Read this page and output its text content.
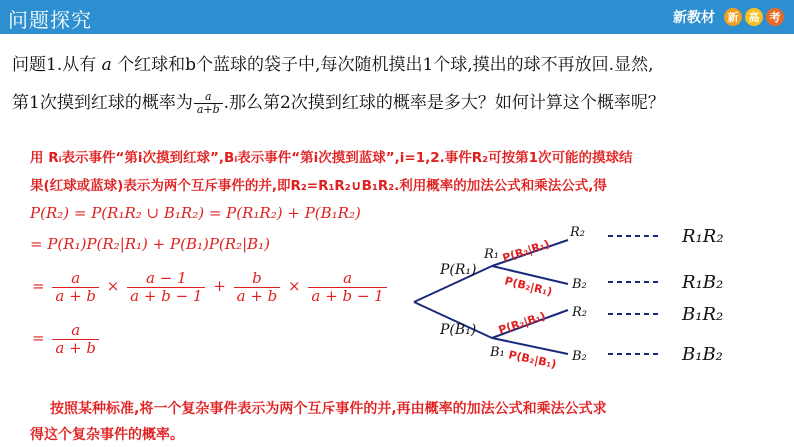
问题探究	新教材	新 高 考
问题1.从有 a 个红球和b个蓝球的袋子中,每次随机摸出1个球,摸出的球不再放回.显然,
第1次摸到红球的概率为 $\frac{a}{a+b}$ .那么第2次摸到红球的概率是多大？如何计算这个概率呢？
用 Rᵢ表示事件“第i次摸到红球”,Bᵢ表示事件“第i次摸到蓝球”,i=1,2.事件R₂可按第1次可能的摸球结
果(红球或蓝球)表示为两个互斥事件的并,即R₂=R₁R₂∪B₁R₂.利用概率的加法公式和乘法公式,得
P(R₂) = P(R₁R₂ ∪ B₁R₂) = P(R₁R₂) + P(B₁R₂)
= P(R₁)P(R₂|R₁) + P(B₁)P(R₂|B₁)
= $\frac{a}{a + b} \times \frac{a - 1}{a + b - 1} + \frac{b}{a + b} \times \frac{a}{a + b - 1}$
= $\frac{a}{a + b}$
P(R₁)
P(B₁)
R₁
B₁
R₂
B₂
R₂
B₂
P(R₂|R₁)
P(B₂|R₁)
P(R₂|B₁)
P(B₂|B₁)
R₁R₂
R₁B₂
B₁R₂
B₁B₂
按照某种标准,将一个复杂事件表示为两个互斥事件的并,再由概率的加法公式和乘法公式求
得这个复杂事件的概率。
